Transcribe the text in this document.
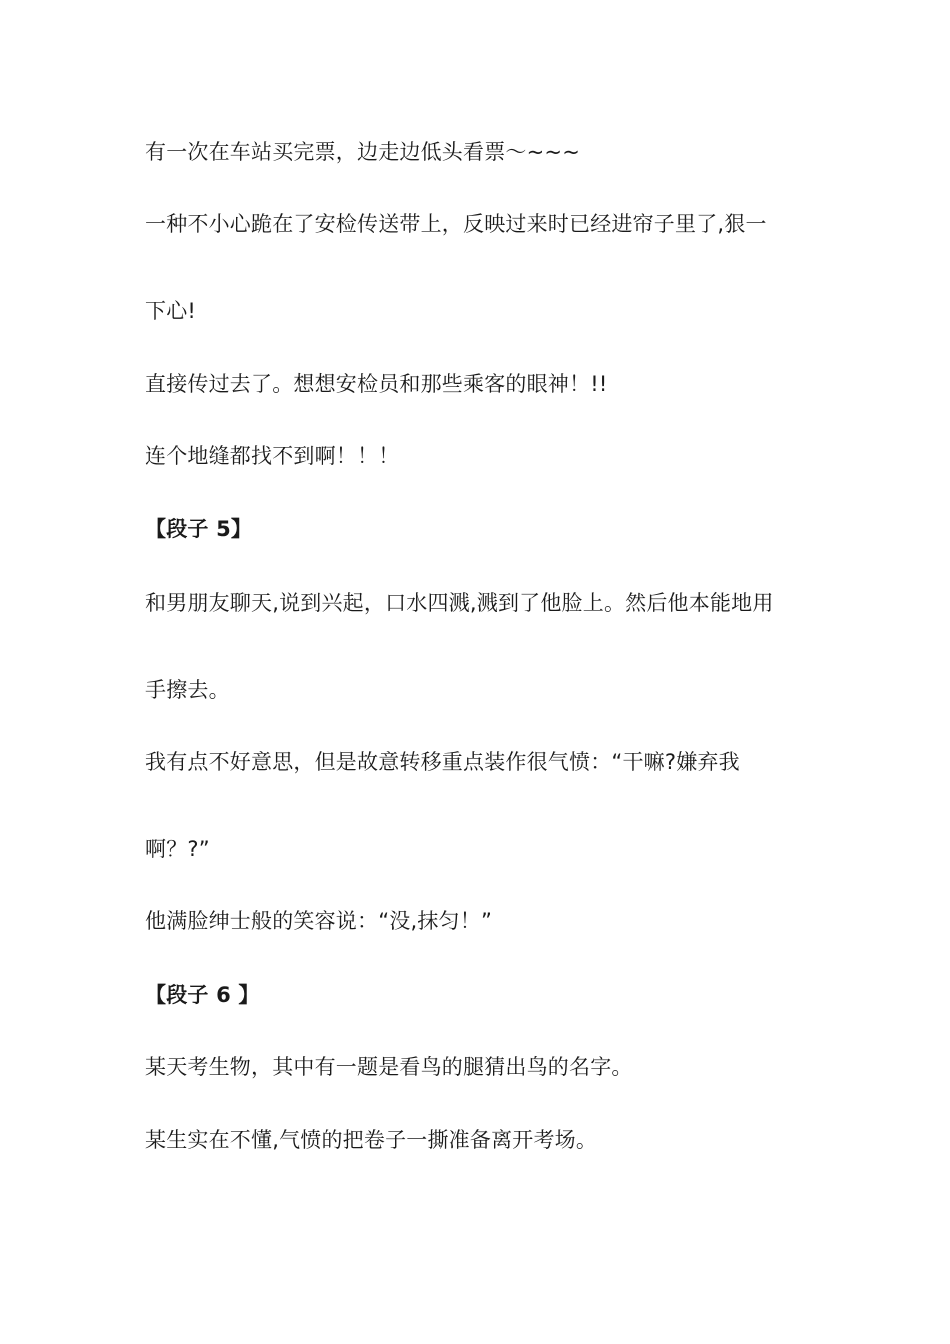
有一次在车站买完票，边走边低头看票～~~~
一种不小心跪在了安检传送带上，反映过来时已经进帘子里了,狠一
下心!
直接传过去了。想想安检员和那些乘客的眼神！!!
连个地缝都找不到啊！！！
【段子 5】
和男朋友聊天,说到兴起，口水四溅,溅到了他脸上。然后他本能地用
手擦去。
我有点不好意思，但是故意转移重点装作很气愤：“干嘛?嫌弃我
啊？?”
他满脸绅士般的笑容说：“没,抹匀！”
【段子 6 】
某天考生物，其中有一题是看鸟的腿猜出鸟的名字。
某生实在不懂,气愤的把卷子一撕准备离开考场。
